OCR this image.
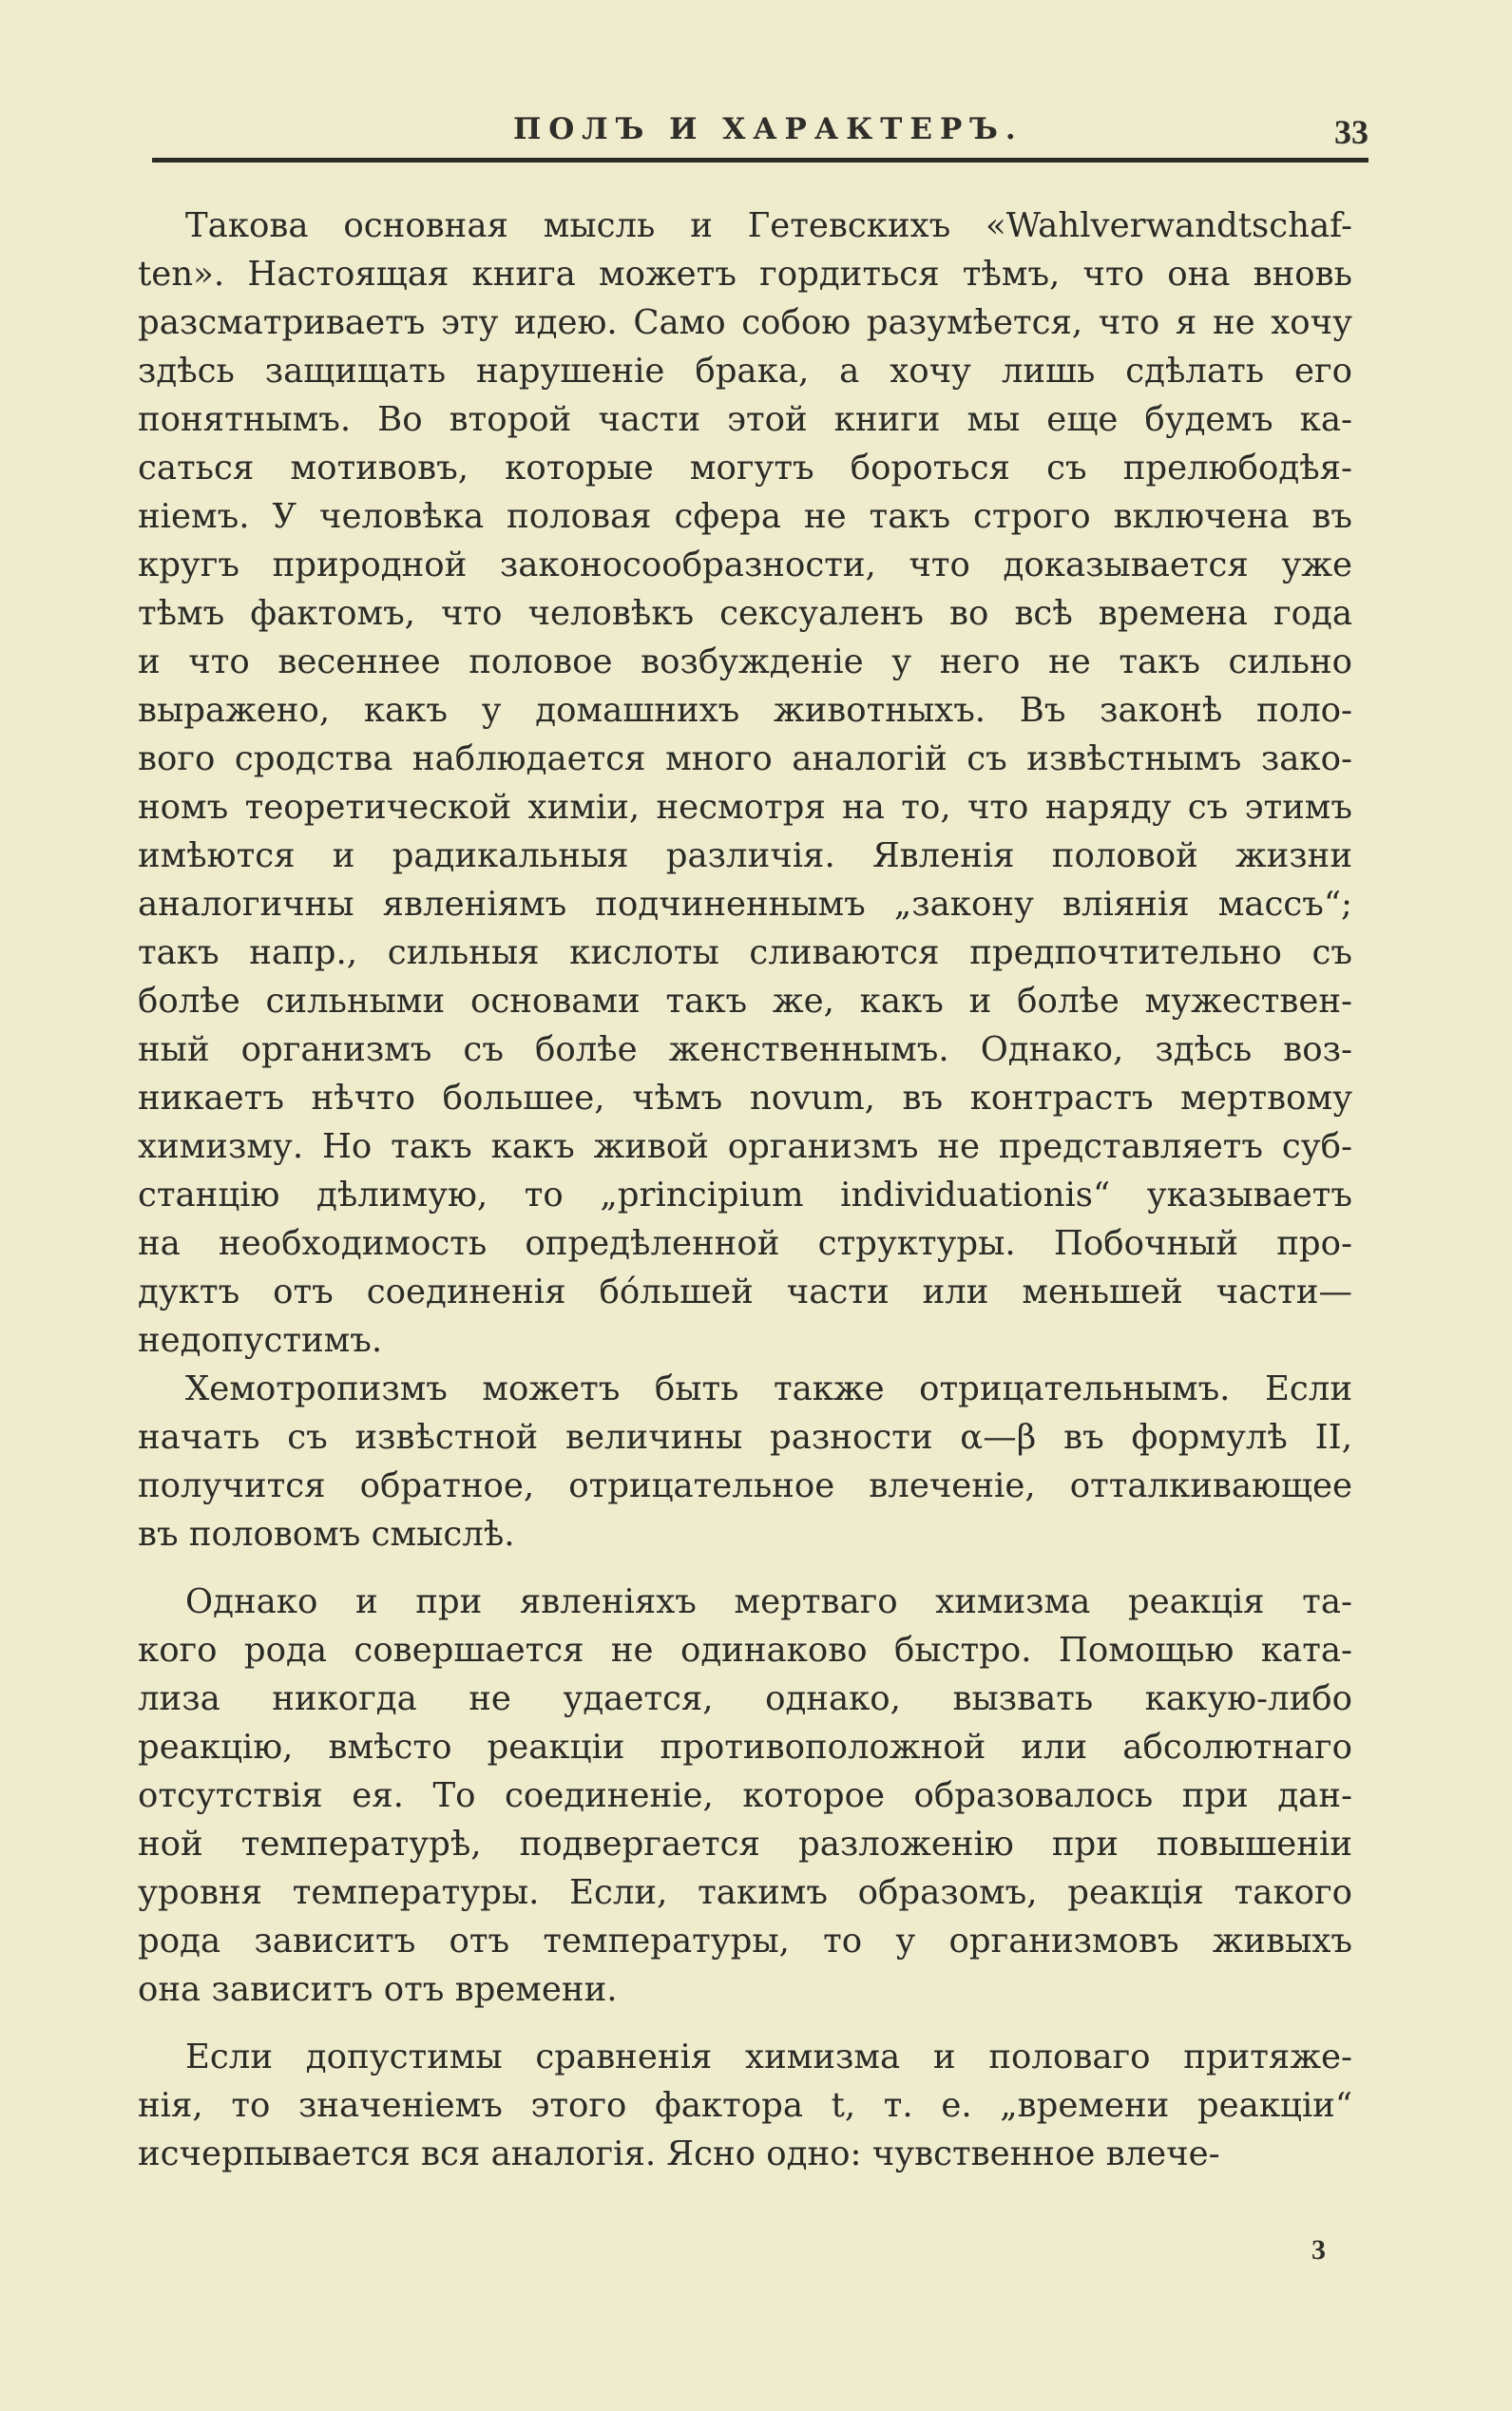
ПОЛЪ И ХАРАКТЕРЪ.	33
Такова основная мысль и Гетевскихъ «Wahlverwandtschaf-
ten». Настоящая книга можетъ гордиться тѣмъ, что она вновь
разсматриваетъ эту идею. Само собою разумѣется, что я не хочу
здѣсь защищать нарушеніе брака, а хочу лишь сдѣлать его
понятнымъ. Во второй части этой книги мы еще будемъ ка-
саться мотивовъ, которые могутъ бороться съ прелюбодѣя-
ніемъ. У человѣка половая сфера не такъ строго включена въ
кругъ природной законосообразности, что доказывается уже
тѣмъ фактомъ, что человѣкъ сексуаленъ во всѣ времена года
и что весеннее половое возбужденіе у него не такъ сильно
выражено, какъ у домашнихъ животныхъ. Въ законѣ поло-
вого сродства наблюдается много аналогій съ извѣстнымъ зако-
номъ теоретической химіи, несмотря на то, что наряду съ этимъ
имѣются и радикальныя различія. Явленія половой жизни
аналогичны явленіямъ подчиненнымъ „закону вліянія массъ“;
такъ напр., сильныя кислоты сливаются предпочтительно съ
болѣе сильными основами такъ же, какъ и болѣе мужествен-
ный организмъ съ болѣе женственнымъ. Однако, здѣсь воз-
никаетъ нѣчто большее, чѣмъ novum, въ контрастъ мертвому
химизму. Но такъ какъ живой организмъ не представляетъ суб-
станцію дѣлимую, то „principium individuationis“ указываетъ
на необходимость опредѣленной структуры. Побочный про-
дуктъ отъ соединенія бо́льшей части или меньшей части—
недопустимъ.
Хемотропизмъ можетъ быть также отрицательнымъ. Если
начать съ извѣстной величины разности α—β въ формулѣ II,
получится обратное, отрицательное влеченіе, отталкивающее
въ половомъ смыслѣ.
Однако и при явленіяхъ мертваго химизма реакція та-
кого рода совершается не одинаково быстро. Помощью ката-
лиза никогда не удается, однако, вызвать какую-либо
реакцію, вмѣсто реакціи противоположной или абсолютнаго
отсутствія ея. То соединеніе, которое образовалось при дан-
ной температурѣ, подвергается разложенію при повышеніи
уровня температуры. Если, такимъ образомъ, реакція такого
рода зависитъ отъ температуры, то у организмовъ живыхъ
она зависитъ отъ времени.
Если допустимы сравненія химизма и половаго притяже-
нія, то значеніемъ этого фактора t, т. е. „времени реакціи“
исчерпывается вся аналогія. Ясно одно: чувственное влече-
3
